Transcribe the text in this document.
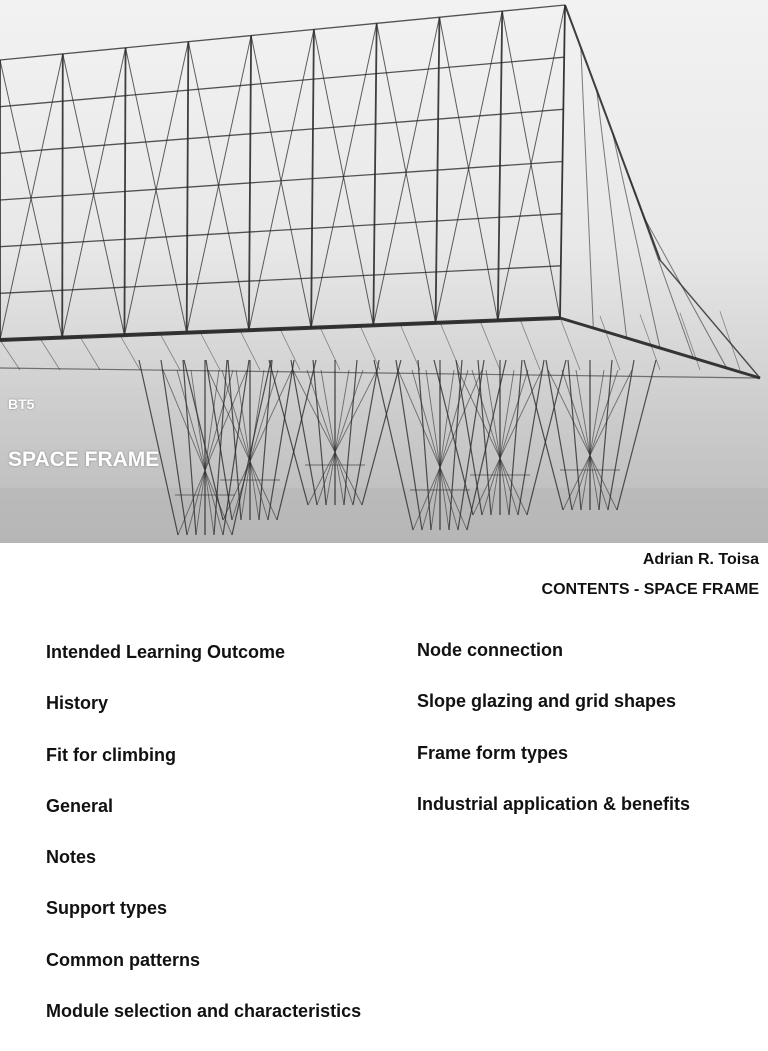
BT5
SPACE FRAME
Adrian R. Toisa
CONTENTS - SPACE FRAME
Intended Learning Outcome
History
Fit for climbing
General
Notes
Support types
Common patterns
Module selection and characteristics
Node connection
Slope glazing and grid shapes
Frame form types
Industrial application & benefits
